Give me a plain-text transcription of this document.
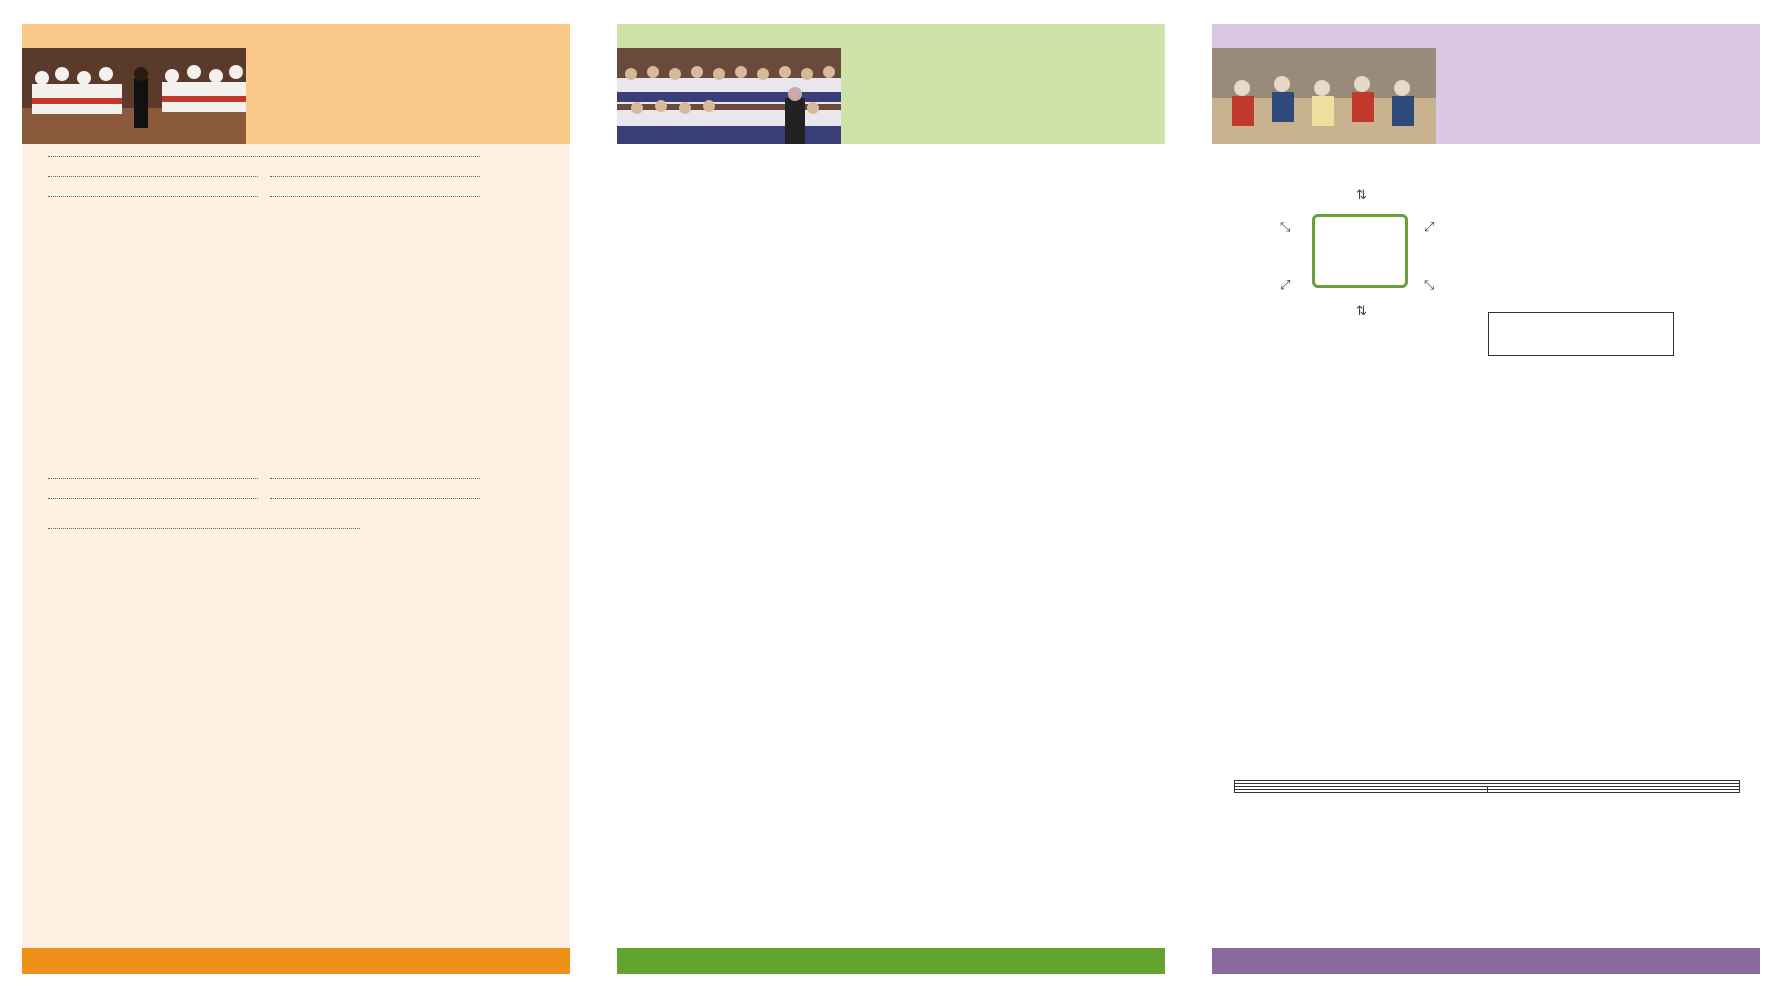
⇅
⤡	⤢
⤢	⤡
⇅
